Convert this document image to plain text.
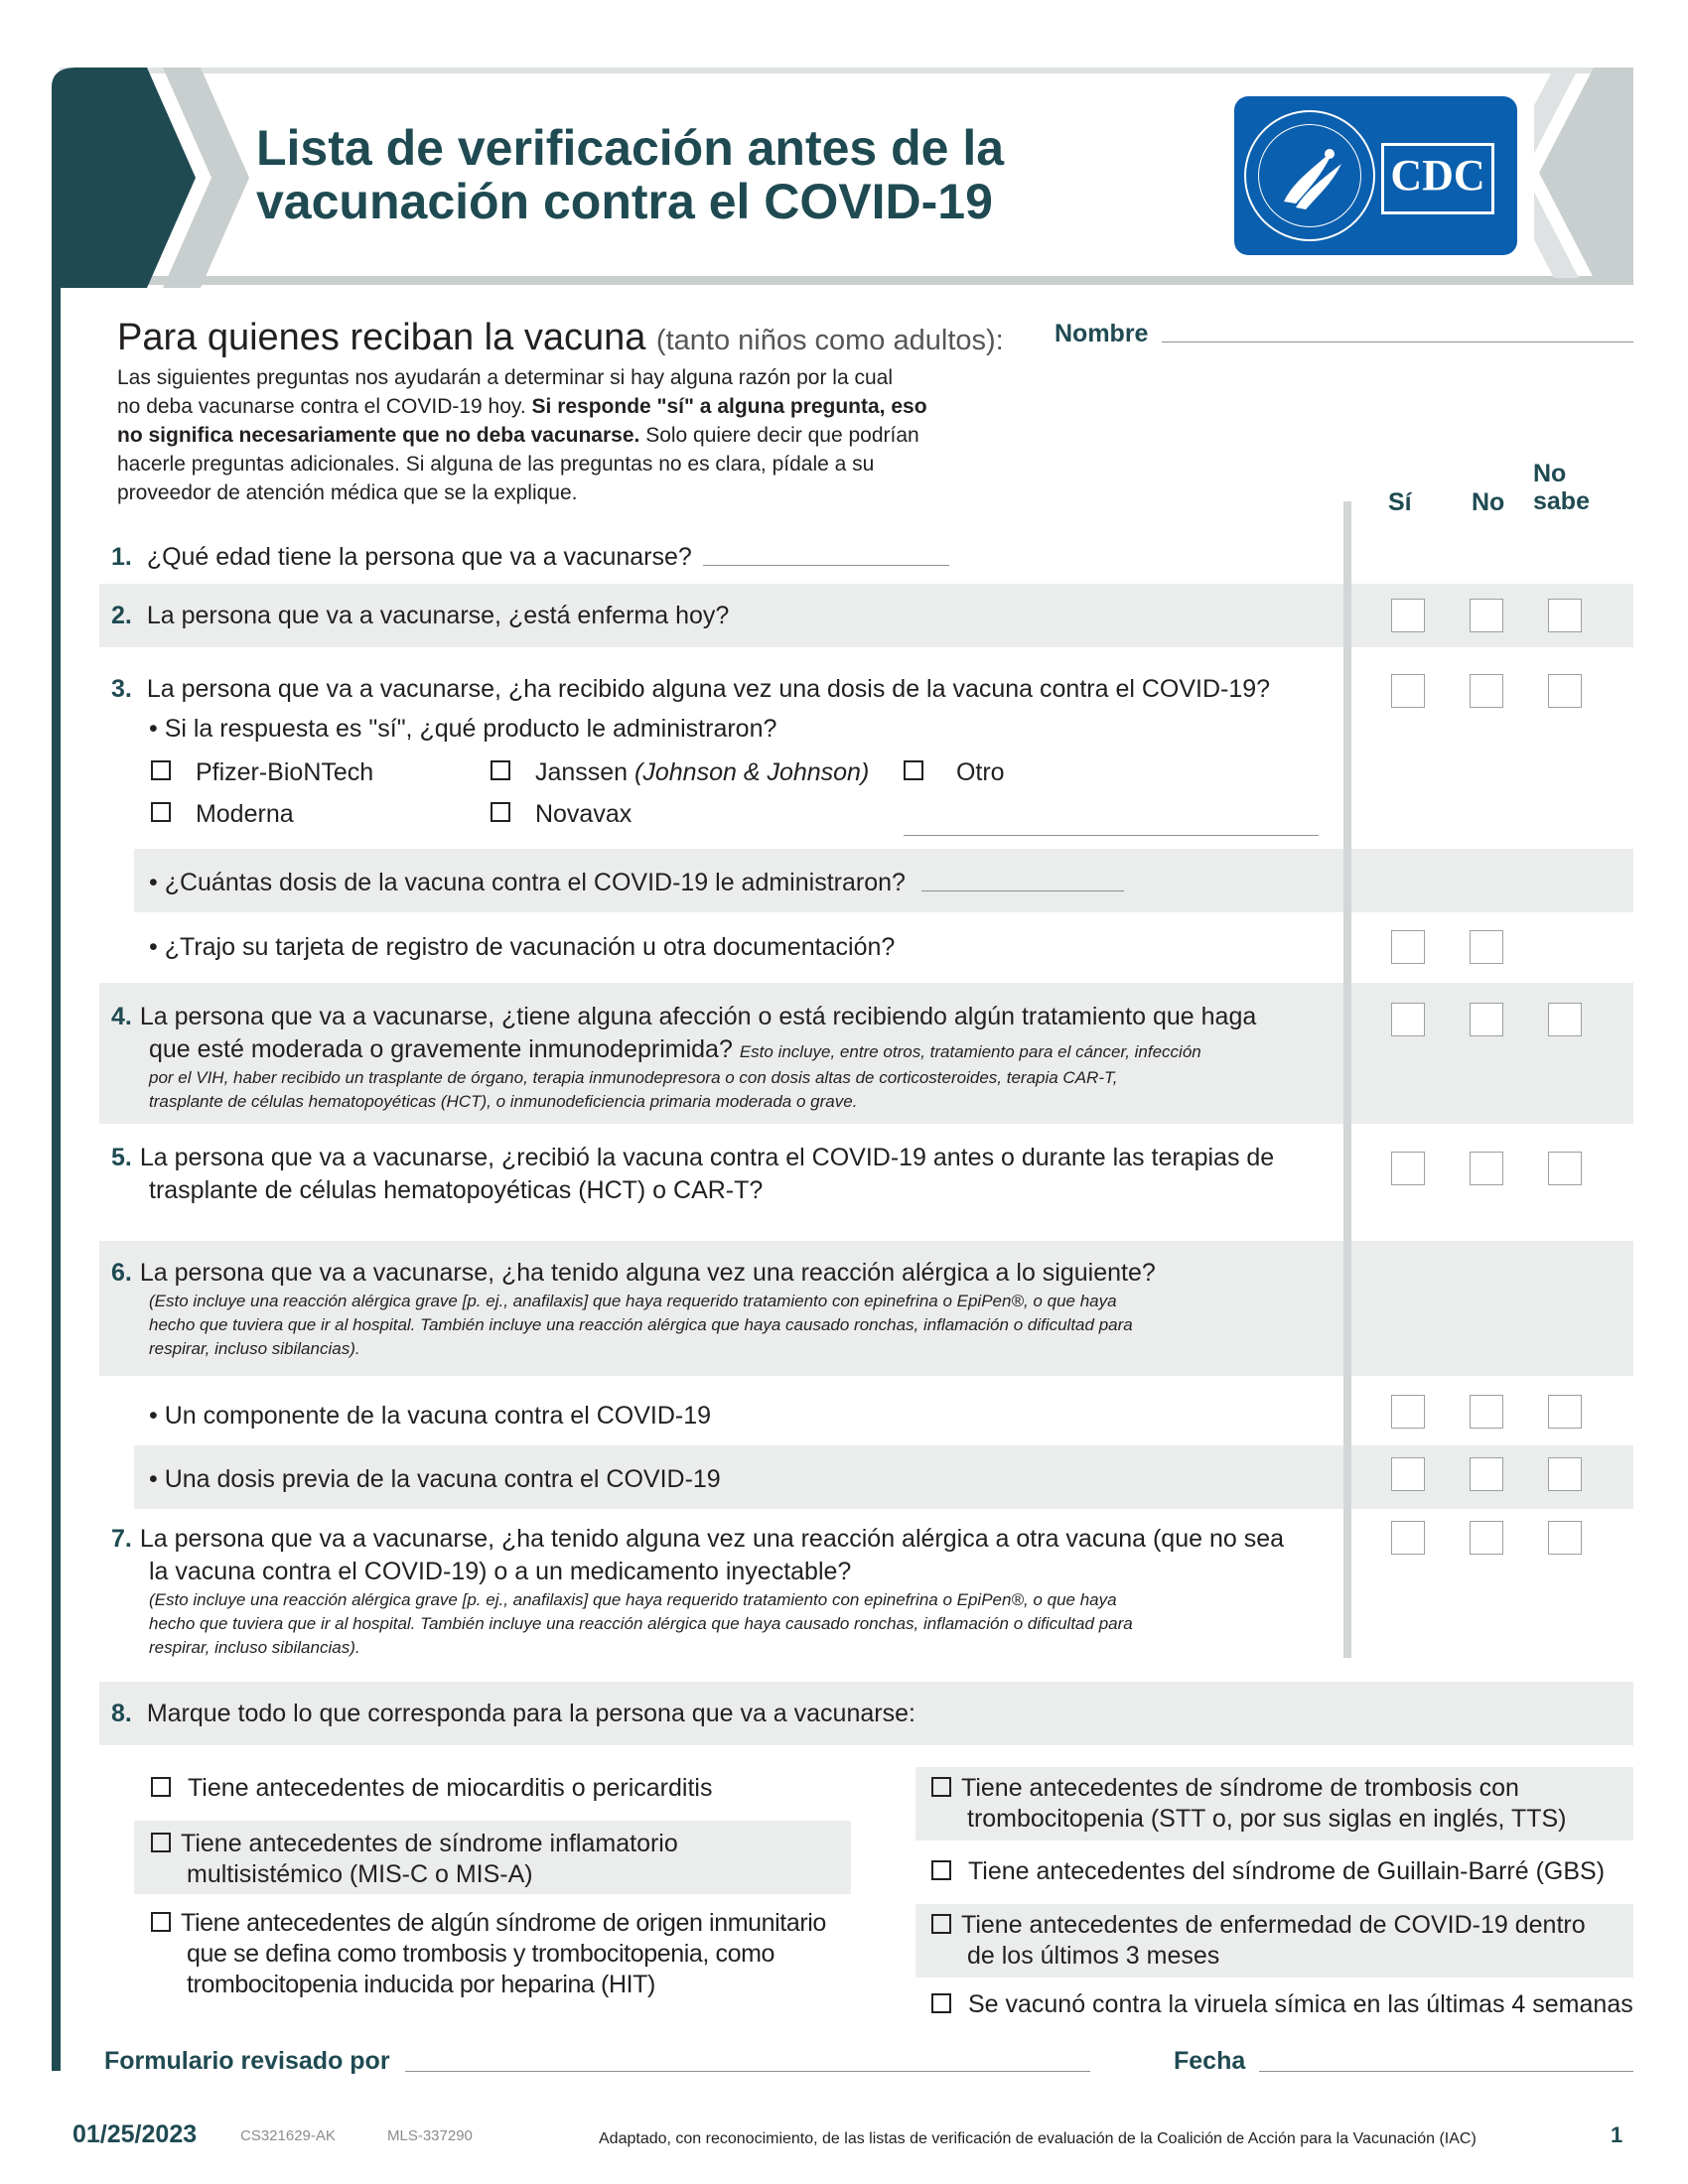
Lista de verificación antes de la
vacunación contra el COVID-19	CDC
Para quienes reciban la vacuna (tanto niños como adultos):
Las siguientes preguntas nos ayudarán a determinar si hay alguna razón por la cual
no deba vacunarse contra el COVID-19 hoy. Si responde "sí" a alguna pregunta, eso
no significa necesariamente que no deba vacunarse. Solo quiere decir que podrían
hacerle preguntas adicionales. Si alguna de las preguntas no es clara, pídale a su
proveedor de atención médica que se la explique.
Nombre
Sí No
No
sabe
1. ¿Qué edad tiene la persona que va a vacunarse?
2. La persona que va a vacunarse, ¿está enferma hoy?
3. La persona que va a vacunarse, ¿ha recibido alguna vez una dosis de la vacuna contra el COVID-19?
• Si la respuesta es "sí", ¿qué producto le administraron?
Pfizer-BioNTech
Moderna
Janssen (Johnson & Johnson)
Novavax
Otro
• ¿Cuántas dosis de la vacuna contra el COVID-19 le administraron?
• ¿Trajo su tarjeta de registro de vacunación u otra documentación?
4. La persona que va a vacunarse, ¿tiene alguna afección o está recibiendo algún tratamiento que haga
que esté moderada o gravemente inmunodeprimida? Esto incluye, entre otros, tratamiento para el cáncer, infección
por el VIH, haber recibido un trasplante de órgano, terapia inmunodepresora o con dosis altas de corticosteroides, terapia CAR-T,
trasplante de células hematopoyéticas (HCT), o inmunodeficiencia primaria moderada o grave.
5. La persona que va a vacunarse, ¿recibió la vacuna contra el COVID-19 antes o durante las terapias de
trasplante de células hematopoyéticas (HCT) o CAR-T?
6. La persona que va a vacunarse, ¿ha tenido alguna vez una reacción alérgica a lo siguiente?
(Esto incluye una reacción alérgica grave [p. ej., anafilaxis] que haya requerido tratamiento con epinefrina o EpiPen®, o que haya
hecho que tuviera que ir al hospital. También incluye una reacción alérgica que haya causado ronchas, inflamación o dificultad para
respirar, incluso sibilancias).
• Un componente de la vacuna contra el COVID-19
• Una dosis previa de la vacuna contra el COVID-19
7. La persona que va a vacunarse, ¿ha tenido alguna vez una reacción alérgica a otra vacuna (que no sea
la vacuna contra el COVID-19) o a un medicamento inyectable?
(Esto incluye una reacción alérgica grave [p. ej., anafilaxis] que haya requerido tratamiento con epinefrina o EpiPen®, o que haya
hecho que tuviera que ir al hospital. También incluye una reacción alérgica que haya causado ronchas, inflamación o dificultad para
respirar, incluso sibilancias).
8. Marque todo lo que corresponda para la persona que va a vacunarse:
Tiene antecedentes de miocarditis o pericarditis
Tiene antecedentes de síndrome inflamatorio
multisistémico (MIS-C o MIS-A)
Tiene antecedentes de algún síndrome de origen inmunitario
que se defina como trombosis y trombocitopenia, como
trombocitopenia inducida por heparina (HIT)
Tiene antecedentes de síndrome de trombosis con
trombocitopenia (STT o, por sus siglas en inglés, TTS)
Tiene antecedentes del síndrome de Guillain-Barré (GBS)
Tiene antecedentes de enfermedad de COVID-19 dentro
de los últimos 3 meses
Se vacunó contra la viruela símica en las últimas 4 semanas
Formulario revisado por	Fecha
01/25/2023	CS321629-AK	MLS-337290	Adaptado, con reconocimiento, de las listas de verificación de evaluación de la Coalición de Acción para la Vacunación (IAC)	1
